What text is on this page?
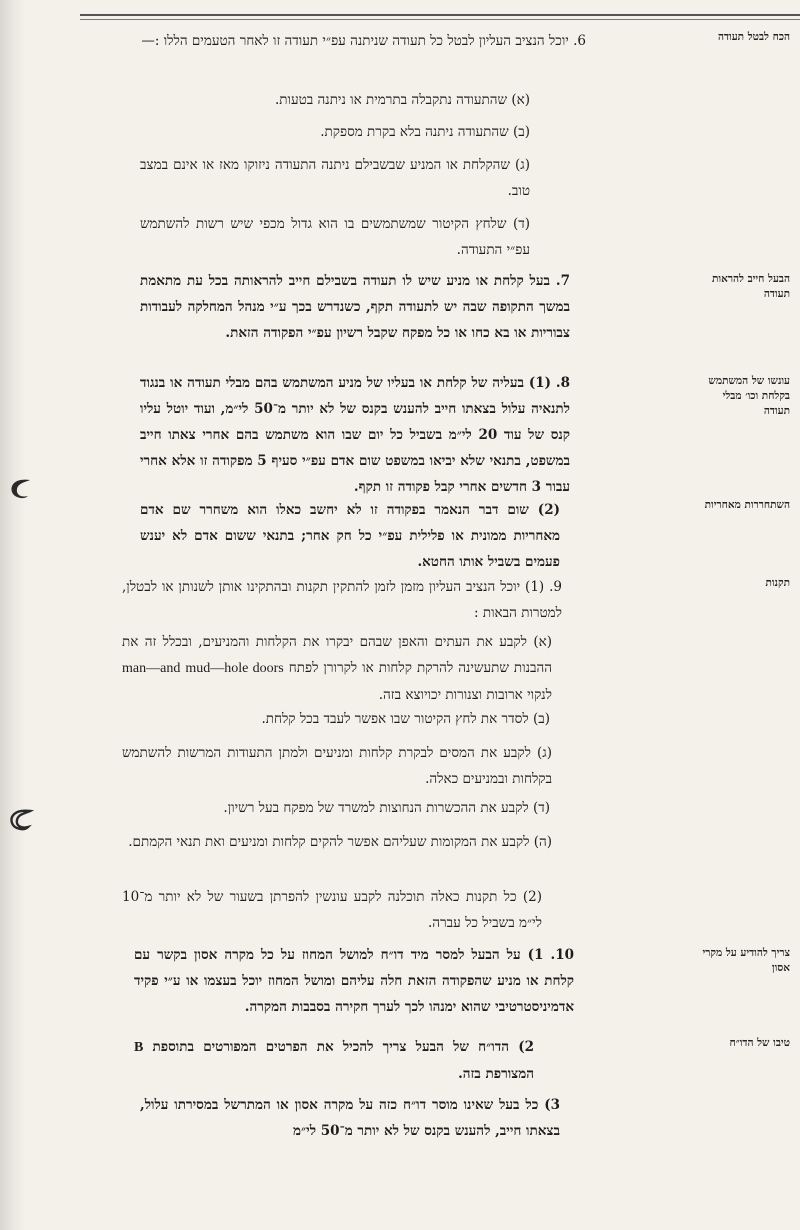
הכח לבטל תעודה
הבעל חייב להראות תעודה
עונשו של המשתמש בקלחת וכו׳ מבלי תעודה
השתחררות מאחריות
תקנות
צריך להודיע על מקרי אסון
טיבו של הדו״ח

6. יוכל הנציב העליון לבטל כל תעודה שניתנה עפ״י תעודה זו לאחר הטעמים הללו :—

(א) שהתעודה נתקבלה בתרמית או ניתנה בטעות.

(ב) שהתעודה ניתנה בלא בקרת מספקת.

(ג) שהקלחת או המניע שבשבילם ניתנה התעודה ניזוקו מאז או אינם במצב טוב.

(ד) שלחץ הקיטור שמשתמשים בו הוא גדול מכפי שיש רשות להשתמש עפ״י התעודה.

7. בעל קלחת או מניע שיש לו תעודה בשבילם חייב להראותה בכל עת מתאמת במשך התקופה שבה יש לתעודה תקף, כשנדרש בכך ע״י מנהל המחלקה לעבודות צבוריות או בא כחו או כל מפקח שקבל רשיון עפ״י הפקודה הזאת.

8. (1) בעליה של קלחת או בעליו של מניע המשתמש בהם מבלי תעודה או בנגוד לתנאיה עלול בצאתו חייב להענש בקנס של לא יותר מ־50 לי״מ, ועוד יוטל עליו קנס של עוד 20 לי״מ בשביל כל יום שבו הוא משתמש בהם אחרי צאתו חייב במשפט, בתנאי שלא יביאו במשפט שום אדם עפ״י סעיף 5 מפקודה זו אלא אחרי עבור 3 חדשים אחרי קבל פקודה זו תקף.

(2) שום דבר הנאמר בפקודה זו לא יחשב כאלו הוא משחרר שם אדם מאחריות ממונית או פלילית עפ״י כל חק אחר; בתנאי ששום אדם לא יענש פעמים בשביל אותו החטא.

9. (1) יוכל הנציב העליון מזמן לזמן להתקין תקנות ובהתקינו אותן לשנותן או לבטלן, למטרות הבאות :

(א) לקבע את העתים והאפן שבהם יבקרו את הקלחות והמניעים, ובכלל זה את ההבנות שתעשינה להרקת קלחות או לקרורן לפתח man—and mud—hole doors לנקוי ארובות וצנורות יכויוצא בזה.

(ב) לסדר את לחץ הקיטור שבו אפשר לעבד בכל קלחת.

(ג) לקבע את המסים לבקרת קלחות ומניעים ולמתן התעודות המרשות להשתמש בקלחות ובמניעים כאלה.

(ד) לקבע את ההכשרות הנחוצות למשרד של מפקח בעל רשיון.

(ה) לקבע את המקומות שעליהם אפשר להקים קלחות ומניעים ואת תנאי הקמתם.

(2) כל תקנות כאלה תוכלנה לקבע עונשין להפרתן בשעור של לא יותר מ־10 לי״מ בשביל כל עברה.

10. 1) על הבעל למסר מיד דו״ח למושל המחוז על כל מקרה אסון בקשר עם קלחת או מניע שהפקודה הזאת חלה עליהם ומושל המחוז יוכל בעצמו או ע״י פקיד אדמיניסטרטיבי שהוא ימנהו לכך לערך חקירה בסבבות המקרה.

2) הדו״ח של הבעל צריך להכיל את הפרטים המפורטים בתוספת B המצורפת בזה.

3) כל בעל שאינו מוסר דו״ח כזה על מקרה אסון או המתרשל במסירתו עלול, בצאתו חייב, להענש בקנס של לא יותר מ־50 לי״מ
